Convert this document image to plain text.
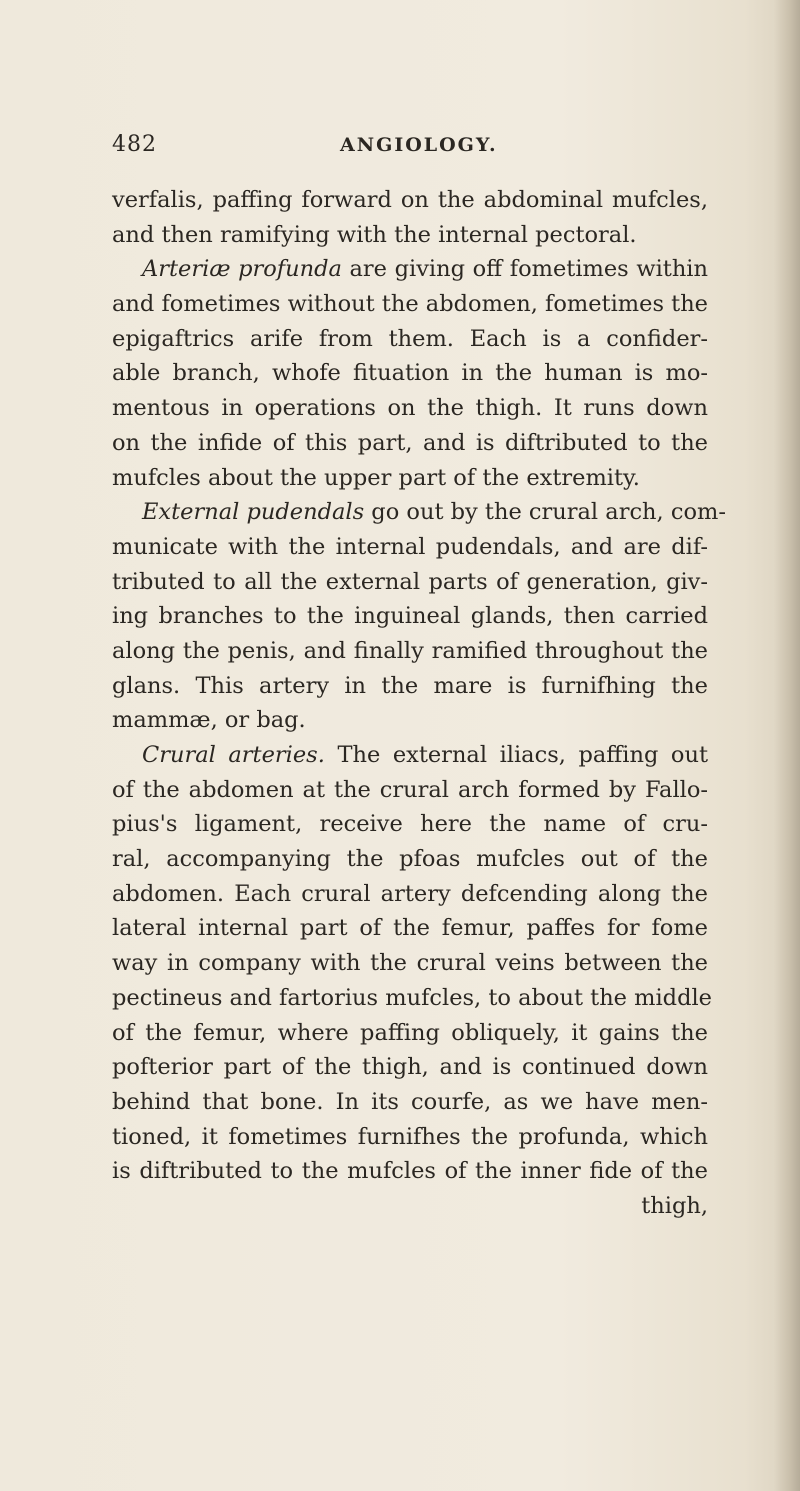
482	ANGIOLOGY.
verfalis, paffing forward on the abdominal mufcles,
and then ramifying with the internal pectoral.
Arteriæ profunda are giving off fometimes within
and fometimes without the abdomen, fometimes the
epigaftrics arife from them. Each is a confider-
able branch, whofe fituation in the human is mo-
mentous in operations on the thigh. It runs down
on the infide of this part, and is diftributed to the
mufcles about the upper part of the extremity.
External pudendals go out by the crural arch, com-
municate with the internal pudendals, and are dif-
tributed to all the external parts of generation, giv-
ing branches to the inguineal glands, then carried
along the penis, and finally ramified throughout the
glans. This artery in the mare is furnifhing the
mammæ, or bag.
Crural arteries. The external iliacs, paffing out
of the abdomen at the crural arch formed by Fallo-
pius's ligament, receive here the name of cru-
ral, accompanying the pfoas mufcles out of the
abdomen. Each crural artery defcending along the
lateral internal part of the femur, paffes for fome
way in company with the crural veins between the
pectineus and fartorius mufcles, to about the middle
of the femur, where paffing obliquely, it gains the
pofterior part of the thigh, and is continued down
behind that bone. In its courfe, as we have men-
tioned, it fometimes furnifhes the profunda, which
is diftributed to the mufcles of the inner fide of the
thigh,
